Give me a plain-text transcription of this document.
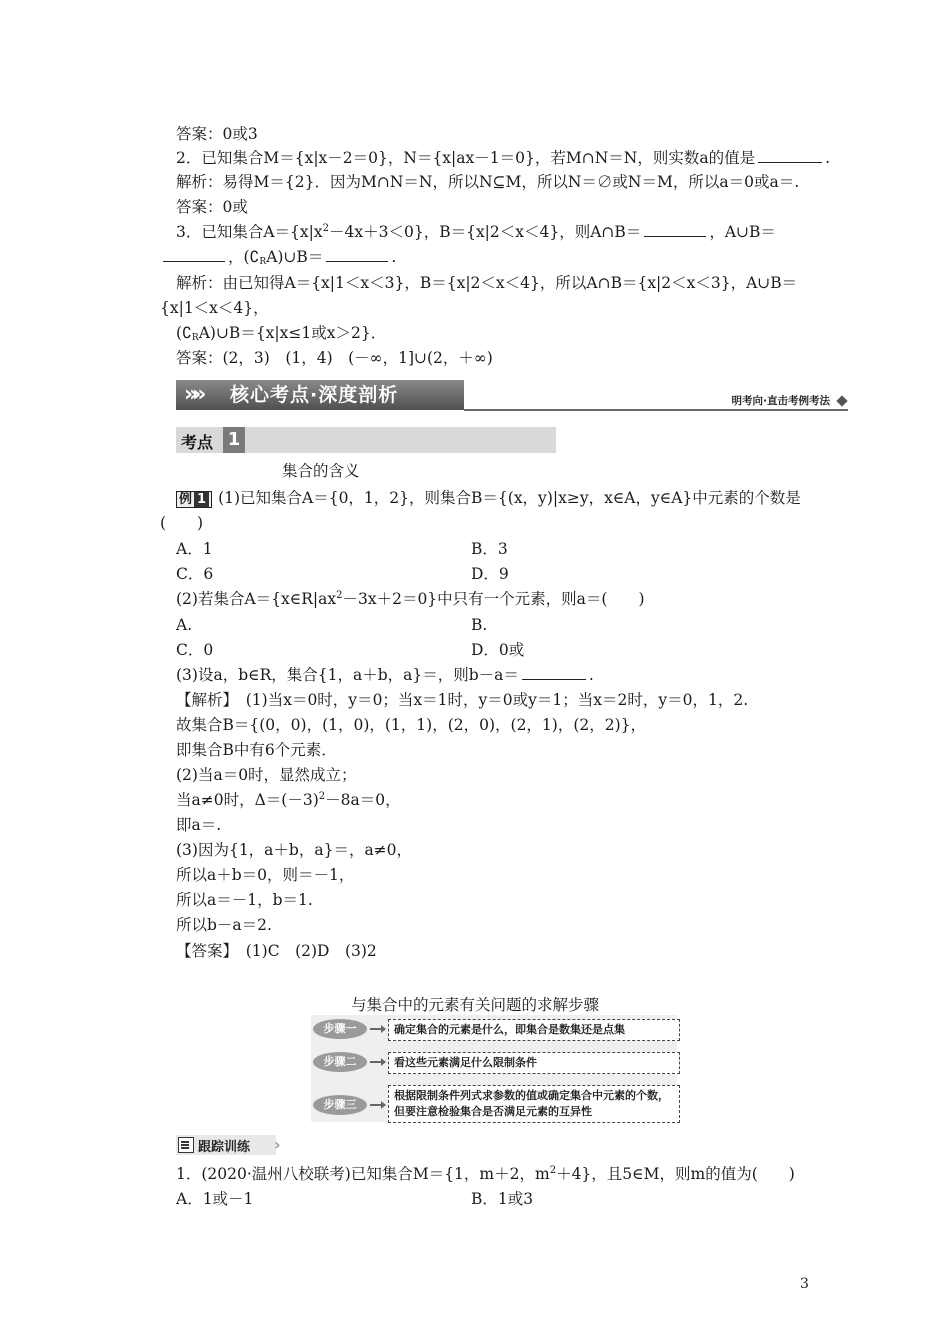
答案：0或3
2．已知集合M＝{x|x－2＝0}，N＝{x|ax－1＝0}，若M∩N＝N，则实数a的值是	.
解析：易得M＝{2}．因为M∩N＝N，所以N⊆M，所以N＝∅或N＝M，所以a＝0或a＝.
答案：0或
3．已知集合$A=\{x|x^2-4x+3<0\}$，B＝{x|2＜x＜4}，则A∩B＝	，A∪B＝
，$(∁_RA)\cup B=$	.
解析：由已知得A＝{x|1＜x＜3}，B＝{x|2＜x＜4}，所以A∩B＝{x|2＜x＜3}，A∪B＝
{x|1＜x＜4}，
$(∁_RA)\cup B=\{x|x\le 1$或x＞2}．
答案：(2，3)　(1，4)　(－∞，1]∪(2，＋∞)
»» 核心考点·深度剖析	明考向·直击考例考法
考点 1
集合的含义
例 1 (1)已知集合A＝{0，1，2}，则集合B＝{(x，y)|x≥y，x∈A，y∈A}中元素的个数是
(　　)
A．1	B．3
C．6	D．9
(2)若集合$A=\{x\in R|ax^2-3x+2=0\}$中只有一个元素，则a＝(　　)
A.	B.
C．0	D．0或
(3)设a，b∈R，集合{1，a＋b，a}＝，则b－a＝	.
【解析】　(1)当x＝0时，y＝0；当x＝1时，y＝0或y＝1；当x＝2时，y＝0，1，2.
故集合B＝{(0，0)，(1，0)，(1，1)，(2，0)，(2，1)，(2，2)}，
即集合B中有6个元素．
(2)当a＝0时，显然成立；
当a≠0时，$\Delta=(-3)^2-8a=0$，
即a＝.
(3)因为{1，a＋b，a}＝，a≠0，
所以a＋b＝0，则＝－1，
所以a＝－1，b＝1.
所以b－a＝2.
【答案】　(1)C　(2)D　(3)2
与集合中的元素有关问题的求解步骤
步骤一	确定集合的元素是什么，即集合是数集还是点集
步骤二	看这些元素满足什么限制条件
步骤三
根据限制条件列式求参数的值或确定集合中元素的个数，但要注意检验集合是否满足元素的互异性
跟踪训练 ›
1．(2020·温州八校联考)已知集合M＝{1，m＋2，$m^2+4$}，且5∈M，则m的值为(　　)
A．1或－1	B．1或3
3
